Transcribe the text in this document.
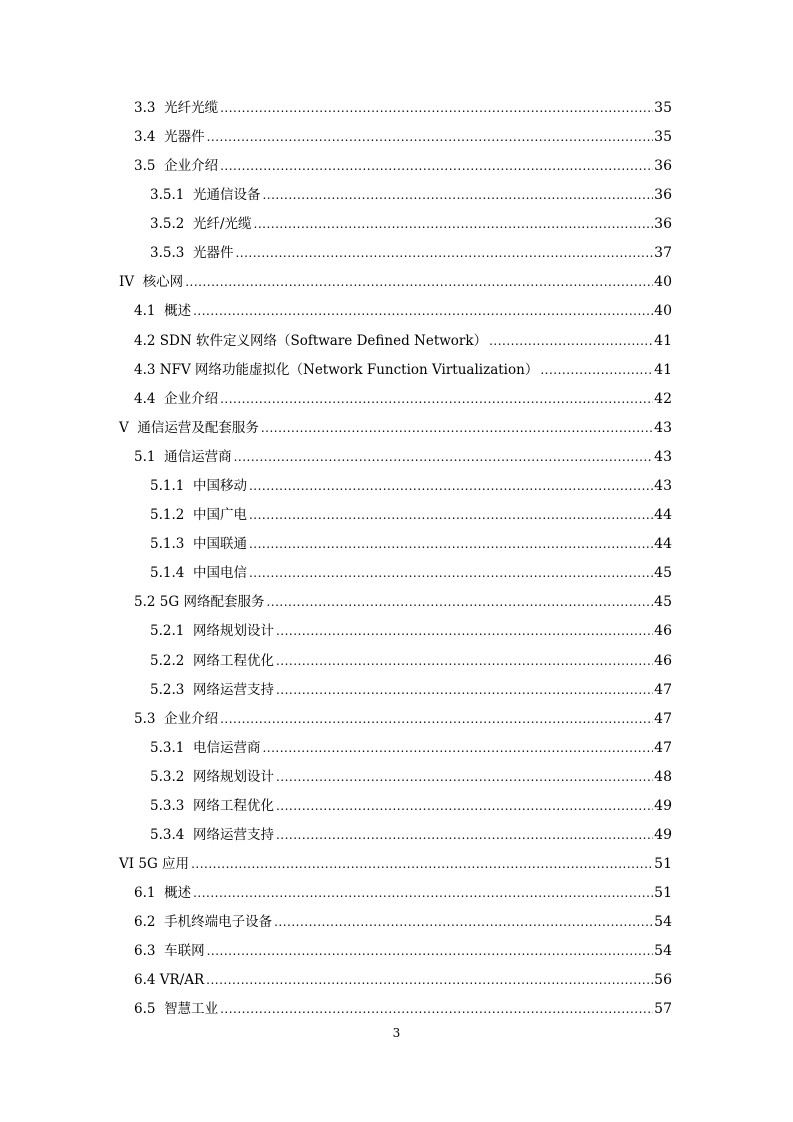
3.3 光纤光缆 .....	35
3.4 光器件 .....	35
3.5 企业介绍 .....	36
3.5.1 光通信设备 .....	36
3.5.2 光纤/光缆 .....	36
3.5.3 光器件 .....	37
IV 核心网 .....	40
4.1 概述 .....	40
4.2 SDN 软件定义网络（Software Defined Network） .....	41
4.3 NFV 网络功能虚拟化（Network Function Virtualization） .....	41
4.4 企业介绍 .....	42
V 通信运营及配套服务 .....	43
5.1 通信运营商 .....	43
5.1.1 中国移动 .....	43
5.1.2 中国广电 .....	44
5.1.3 中国联通 .....	44
5.1.4 中国电信 .....	45
5.2 5G 网络配套服务 .....	45
5.2.1 网络规划设计 .....	46
5.2.2 网络工程优化 .....	46
5.2.3 网络运营支持 .....	47
5.3 企业介绍 .....	47
5.3.1 电信运营商 .....	47
5.3.2 网络规划设计 .....	48
5.3.3 网络工程优化 .....	49
5.3.4 网络运营支持 .....	49
VI 5G 应用 .....	51
6.1 概述 .....	51
6.2 手机终端电子设备 .....	54
6.3 车联网 .....	54
6.4 VR/AR .....	56
6.5 智慧工业 .....	57
3
